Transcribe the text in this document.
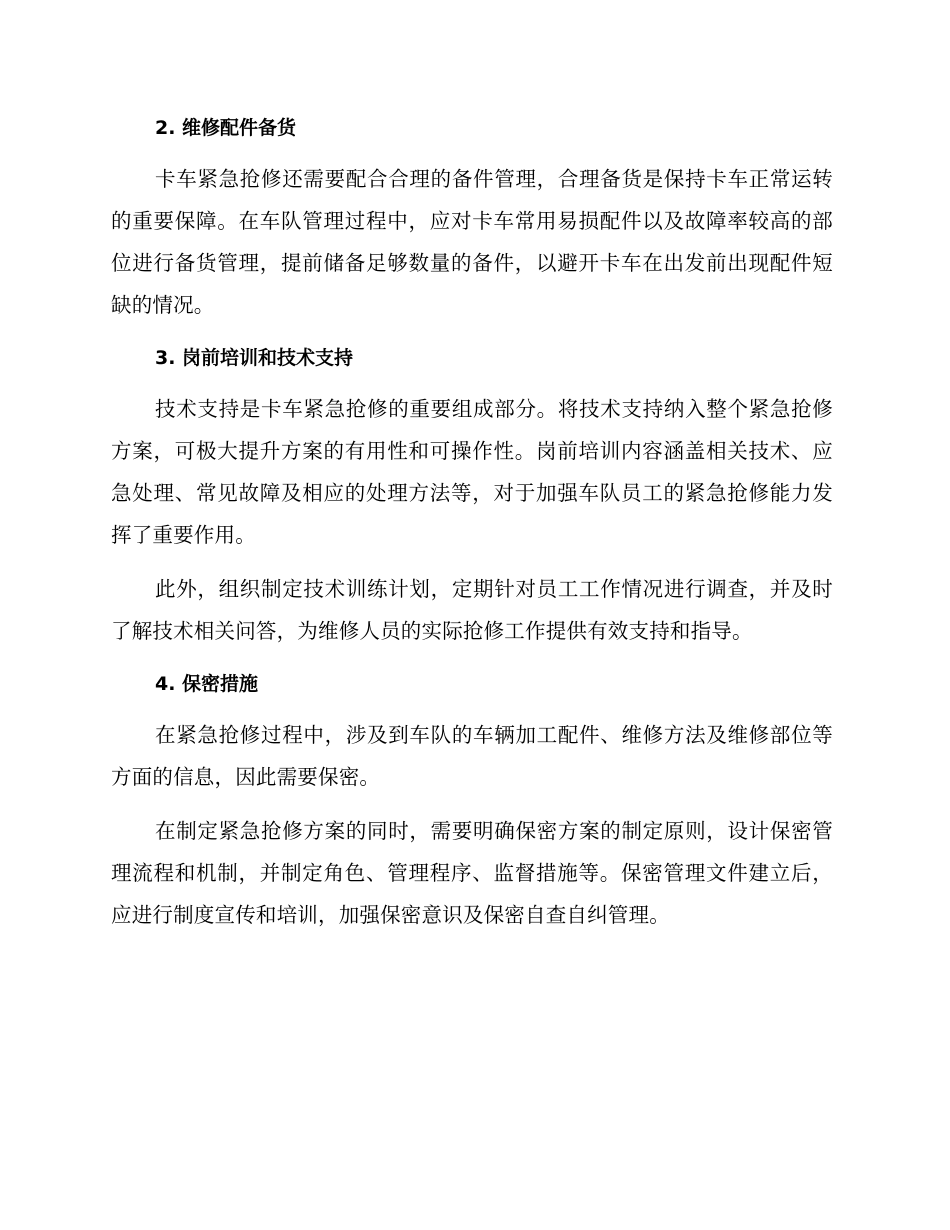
2. 维修配件备货

卡车紧急抢修还需要配合合理的备件管理，合理备货是保持卡车正常运转的重要保障。在车队管理过程中，应对卡车常用易损配件以及故障率较高的部位进行备货管理，提前储备足够数量的备件，以避开卡车在出发前出现配件短缺的情况。

3. 岗前培训和技术支持

技术支持是卡车紧急抢修的重要组成部分。将技术支持纳入整个紧急抢修方案，可极大提升方案的有用性和可操作性。岗前培训内容涵盖相关技术、应急处理、常见故障及相应的处理方法等，对于加强车队员工的紧急抢修能力发挥了重要作用。

此外，组织制定技术训练计划，定期针对员工工作情况进行调查，并及时了解技术相关问答，为维修人员的实际抢修工作提供有效支持和指导。

4. 保密措施

在紧急抢修过程中，涉及到车队的车辆加工配件、维修方法及维修部位等方面的信息，因此需要保密。

在制定紧急抢修方案的同时，需要明确保密方案的制定原则，设计保密管理流程和机制，并制定角色、管理程序、监督措施等。保密管理文件建立后，应进行制度宣传和培训，加强保密意识及保密自查自纠管理。
